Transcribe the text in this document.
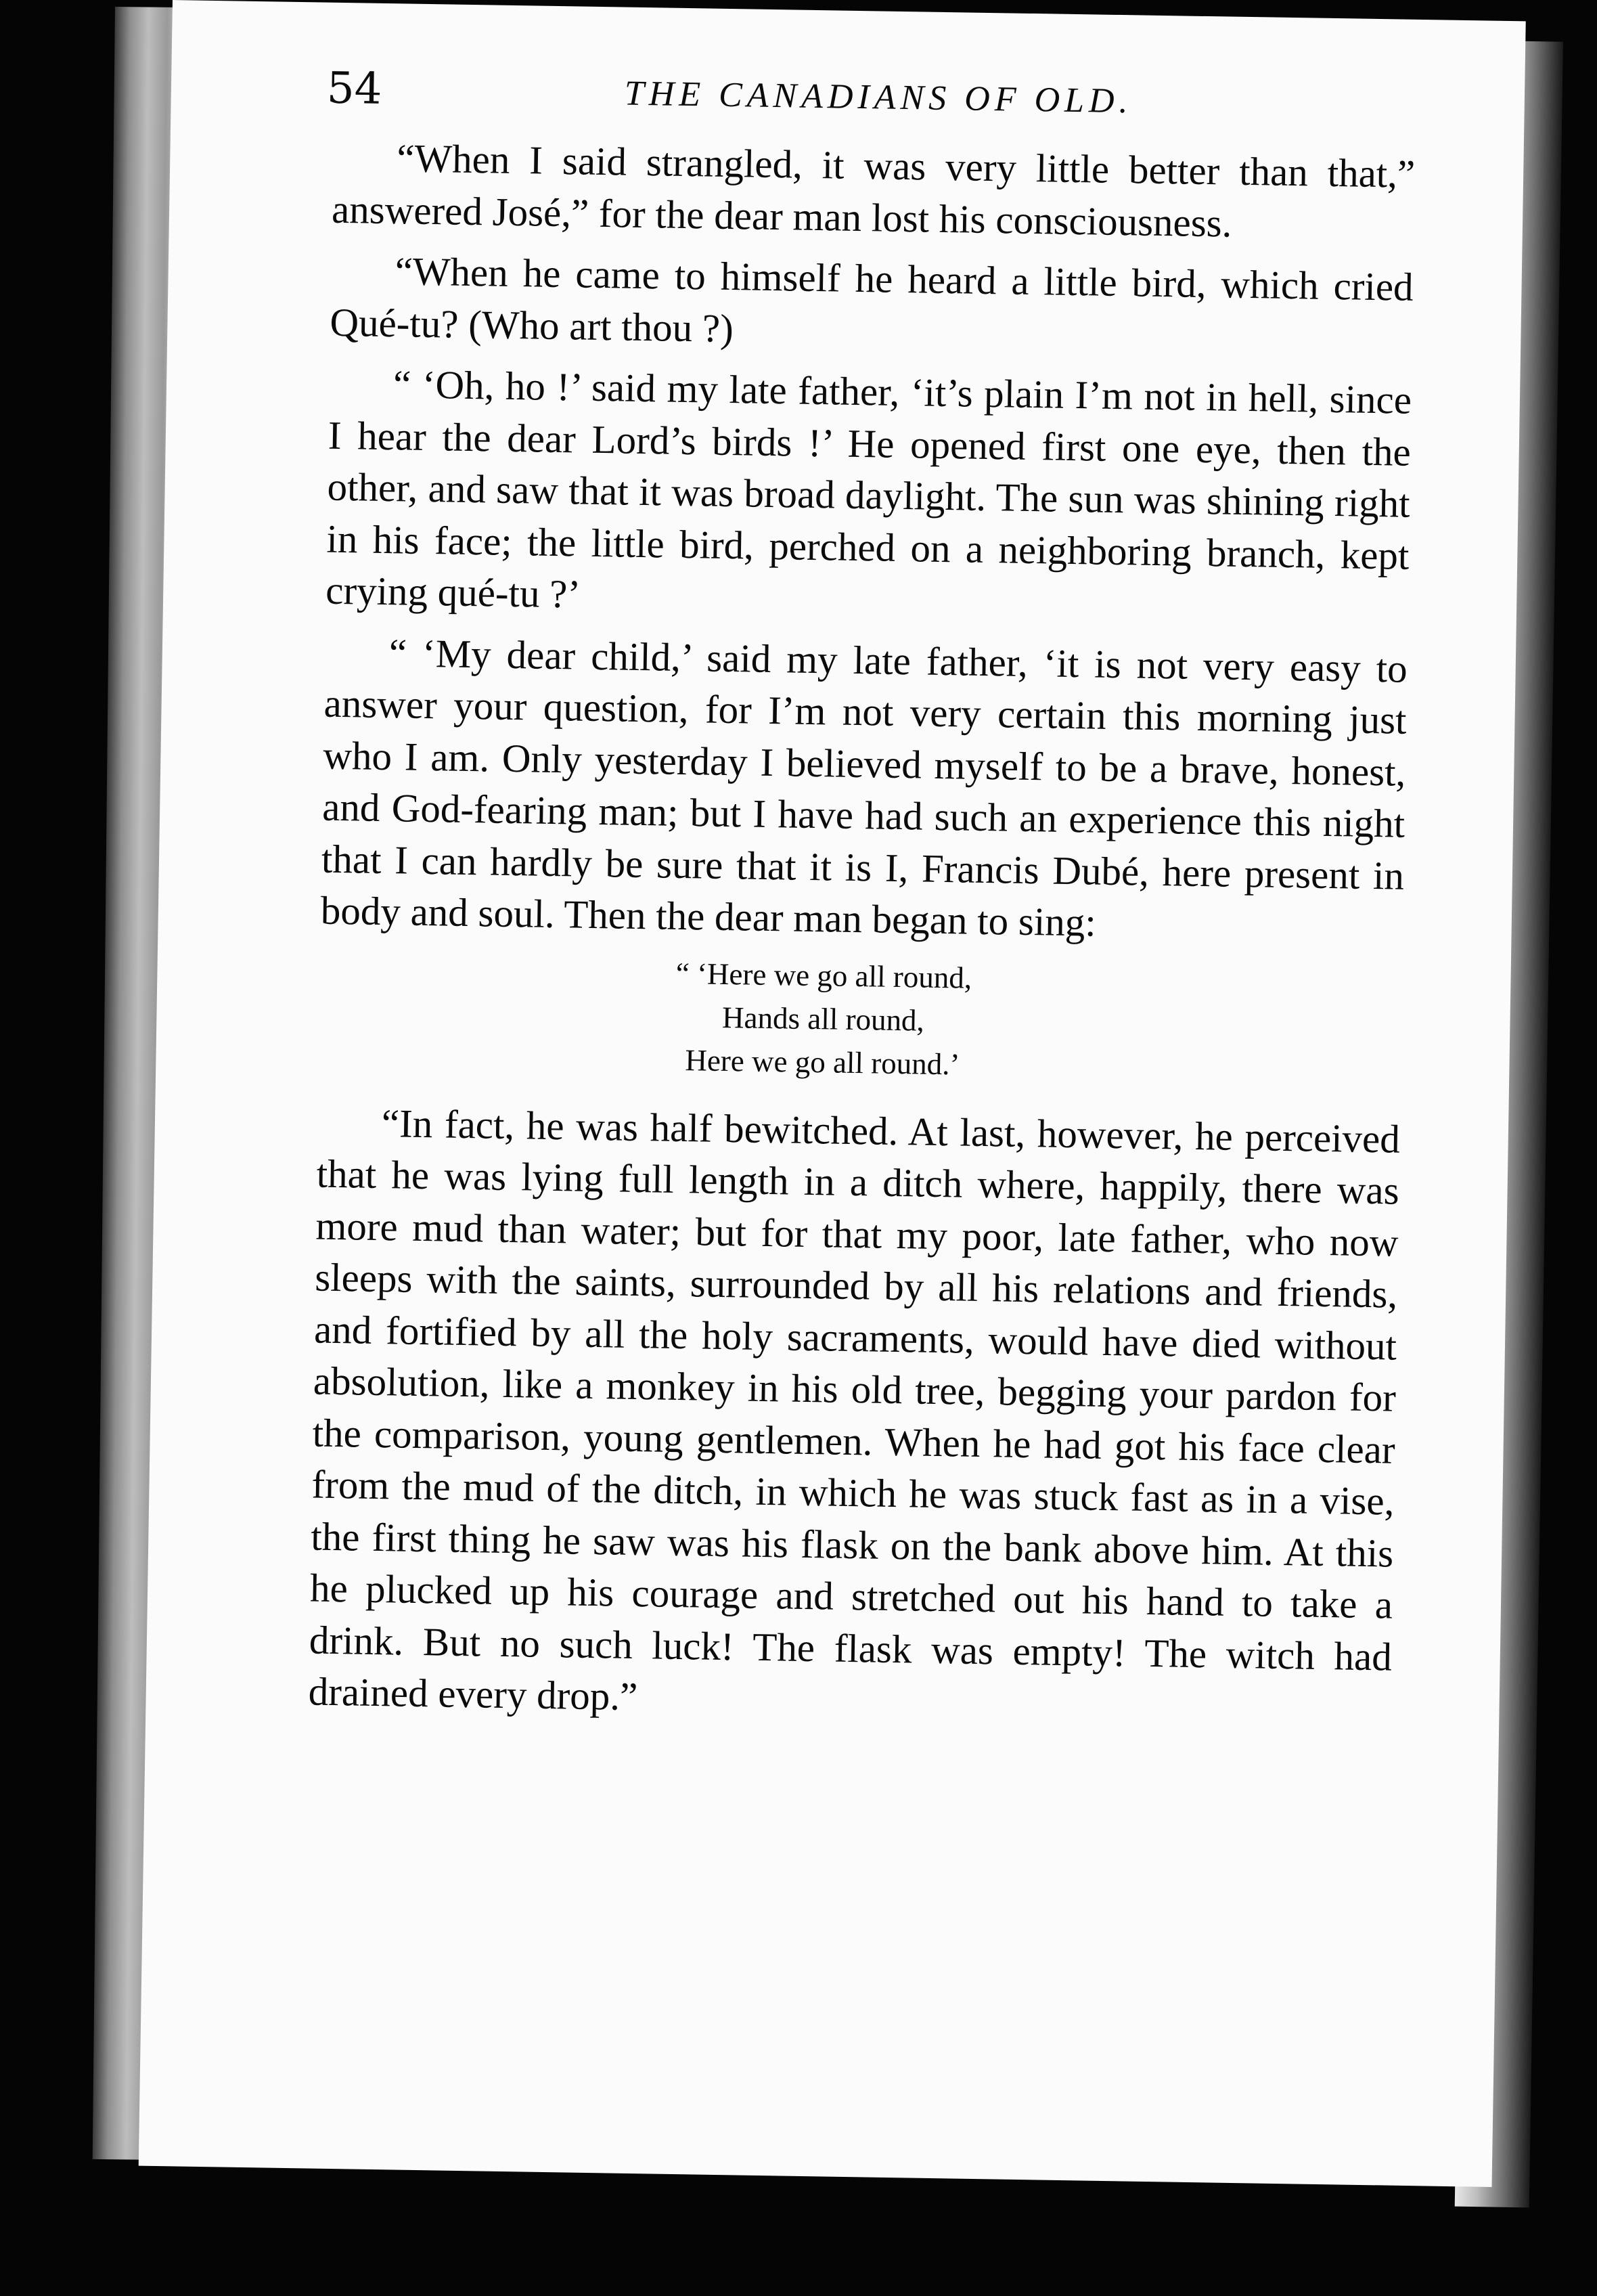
54	THE CANADIANS OF OLD.

“When I said strangled, it was very little better than that,” answered José,” for the dear man lost his consciousness.

“When he came to himself he heard a little bird, which cried Qué-tu? (Who art thou ?)

“ ‘Oh, ho !’ said my late father, ‘it’s plain I’m not in hell, since I hear the dear Lord’s birds !’ He opened first one eye, then the other, and saw that it was broad daylight. The sun was shining right in his face; the little bird, perched on a neighboring branch, kept crying qué-tu ?’

“ ‘My dear child,’ said my late father, ‘it is not very easy to answer your question, for I’m not very certain this morning just who I am. Only yesterday I believed myself to be a brave, honest, and God-fearing man; but I have had such an experience this night that I can hardly be sure that it is I, Francis Dubé, here present in body and soul. Then the dear man began to sing:

“ ‘Here we go all round,
Hands all round,
Here we go all round.’

“In fact, he was half bewitched. At last, however, he perceived that he was lying full length in a ditch where, happily, there was more mud than water; but for that my poor, late father, who now sleeps with the saints, surrounded by all his relations and friends, and fortified by all the holy sacraments, would have died without absolution, like a monkey in his old tree, begging your pardon for the comparison, young gentlemen. When he had got his face clear from the mud of the ditch, in which he was stuck fast as in a vise, the first thing he saw was his flask on the bank above him. At this he plucked up his courage and stretched out his hand to take a drink. But no such luck! The flask was empty! The witch had drained every drop.”
